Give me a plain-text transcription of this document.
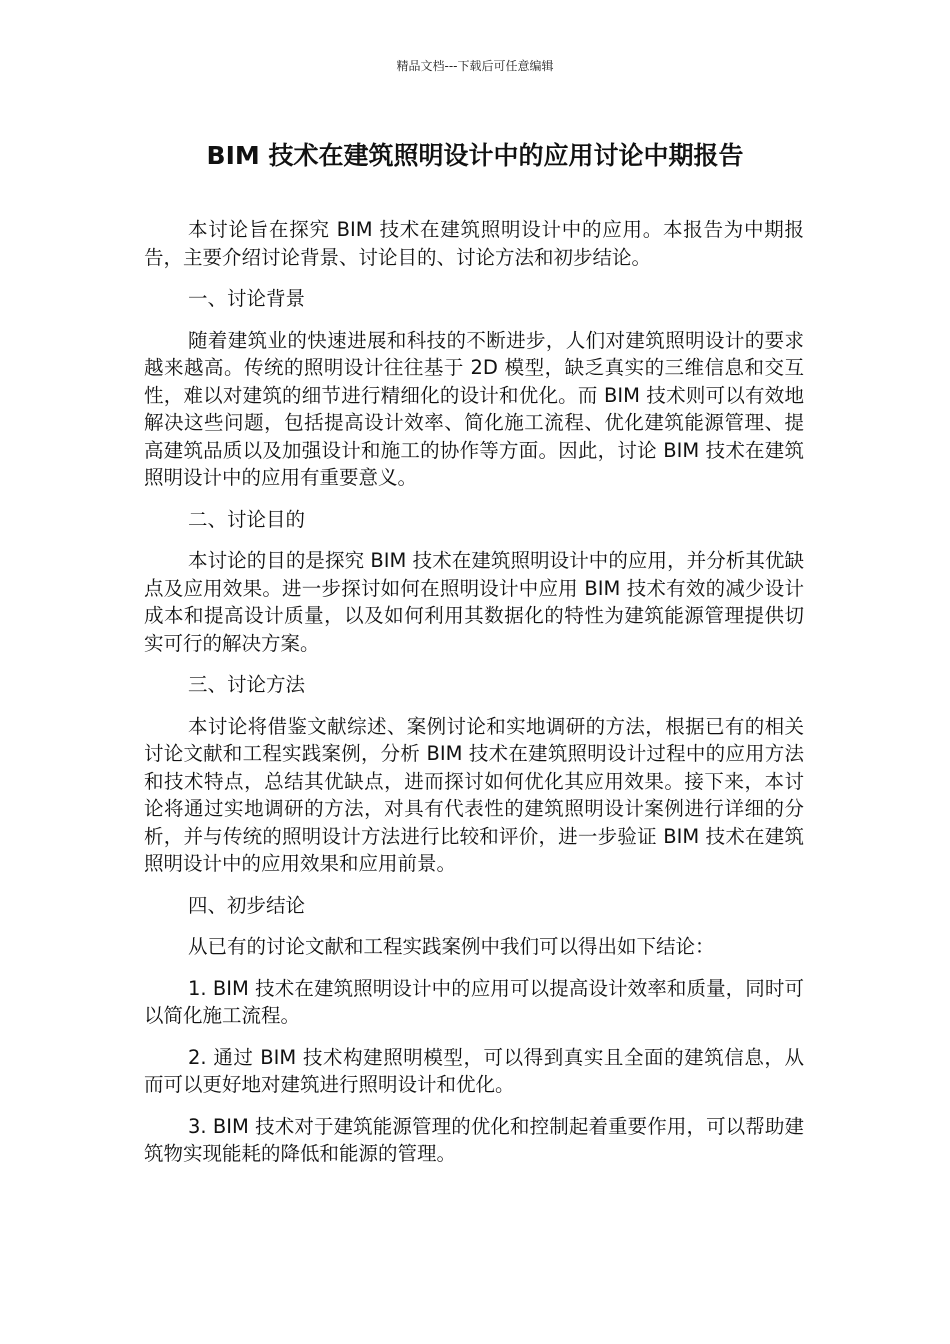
精品文档---下载后可任意编辑
BIM 技术在建筑照明设计中的应用讨论中期报告

本讨论旨在探究 BIM 技术在建筑照明设计中的应用。本报告为中期报告，主要介绍讨论背景、讨论目的、讨论方法和初步结论。

一、讨论背景

随着建筑业的快速进展和科技的不断进步，人们对建筑照明设计的要求越来越高。传统的照明设计往往基于 2D 模型，缺乏真实的三维信息和交互性，难以对建筑的细节进行精细化的设计和优化。而 BIM 技术则可以有效地解决这些问题，包括提高设计效率、简化施工流程、优化建筑能源管理、提高建筑品质以及加强设计和施工的协作等方面。因此，讨论 BIM 技术在建筑照明设计中的应用有重要意义。

二、讨论目的

本讨论的目的是探究 BIM 技术在建筑照明设计中的应用，并分析其优缺点及应用效果。进一步探讨如何在照明设计中应用 BIM 技术有效的减少设计成本和提高设计质量，以及如何利用其数据化的特性为建筑能源管理提供切实可行的解决方案。

三、讨论方法

本讨论将借鉴文献综述、案例讨论和实地调研的方法，根据已有的相关讨论文献和工程实践案例，分析 BIM 技术在建筑照明设计过程中的应用方法和技术特点，总结其优缺点，进而探讨如何优化其应用效果。接下来，本讨论将通过实地调研的方法，对具有代表性的建筑照明设计案例进行详细的分析，并与传统的照明设计方法进行比较和评价，进一步验证 BIM 技术在建筑照明设计中的应用效果和应用前景。

四、初步结论

从已有的讨论文献和工程实践案例中我们可以得出如下结论：

1. BIM 技术在建筑照明设计中的应用可以提高设计效率和质量，同时可以简化施工流程。

2. 通过 BIM 技术构建照明模型，可以得到真实且全面的建筑信息，从而可以更好地对建筑进行照明设计和优化。

3. BIM 技术对于建筑能源管理的优化和控制起着重要作用，可以帮助建筑物实现能耗的降低和能源的管理。
